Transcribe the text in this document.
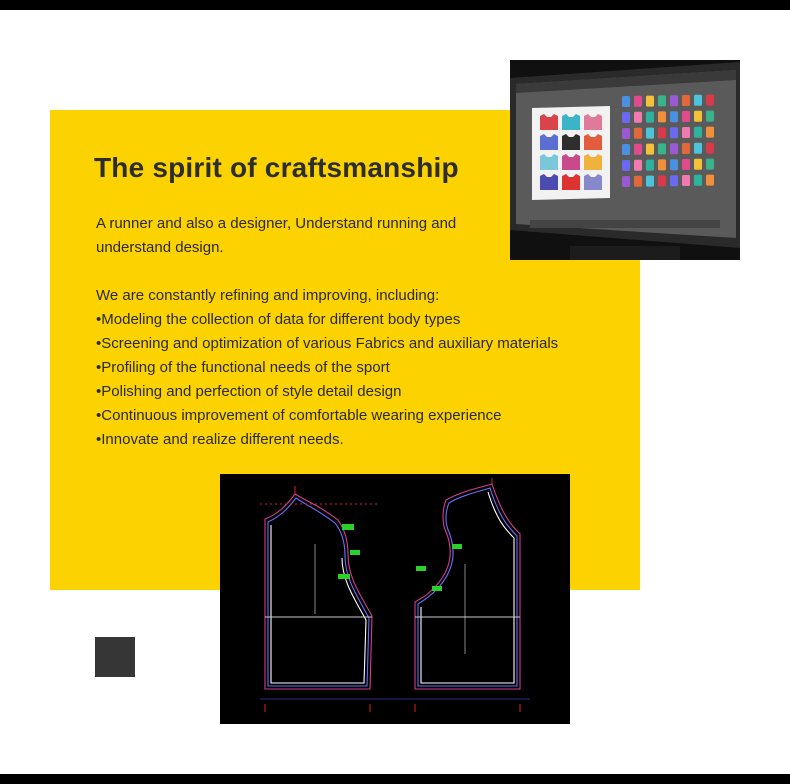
The spirit of craftsmanship

A runner and also a designer, Understand running and understand design.

We are constantly refining and improving, including:

• Modeling the collection of data for different body types
• Screening and optimization of various Fabrics and auxiliary materials
• Profiling of the functional needs of the sport
• Polishing and perfection of style detail design
• Continuous improvement of comfortable wearing experience
• Innovate and realize different needs.
